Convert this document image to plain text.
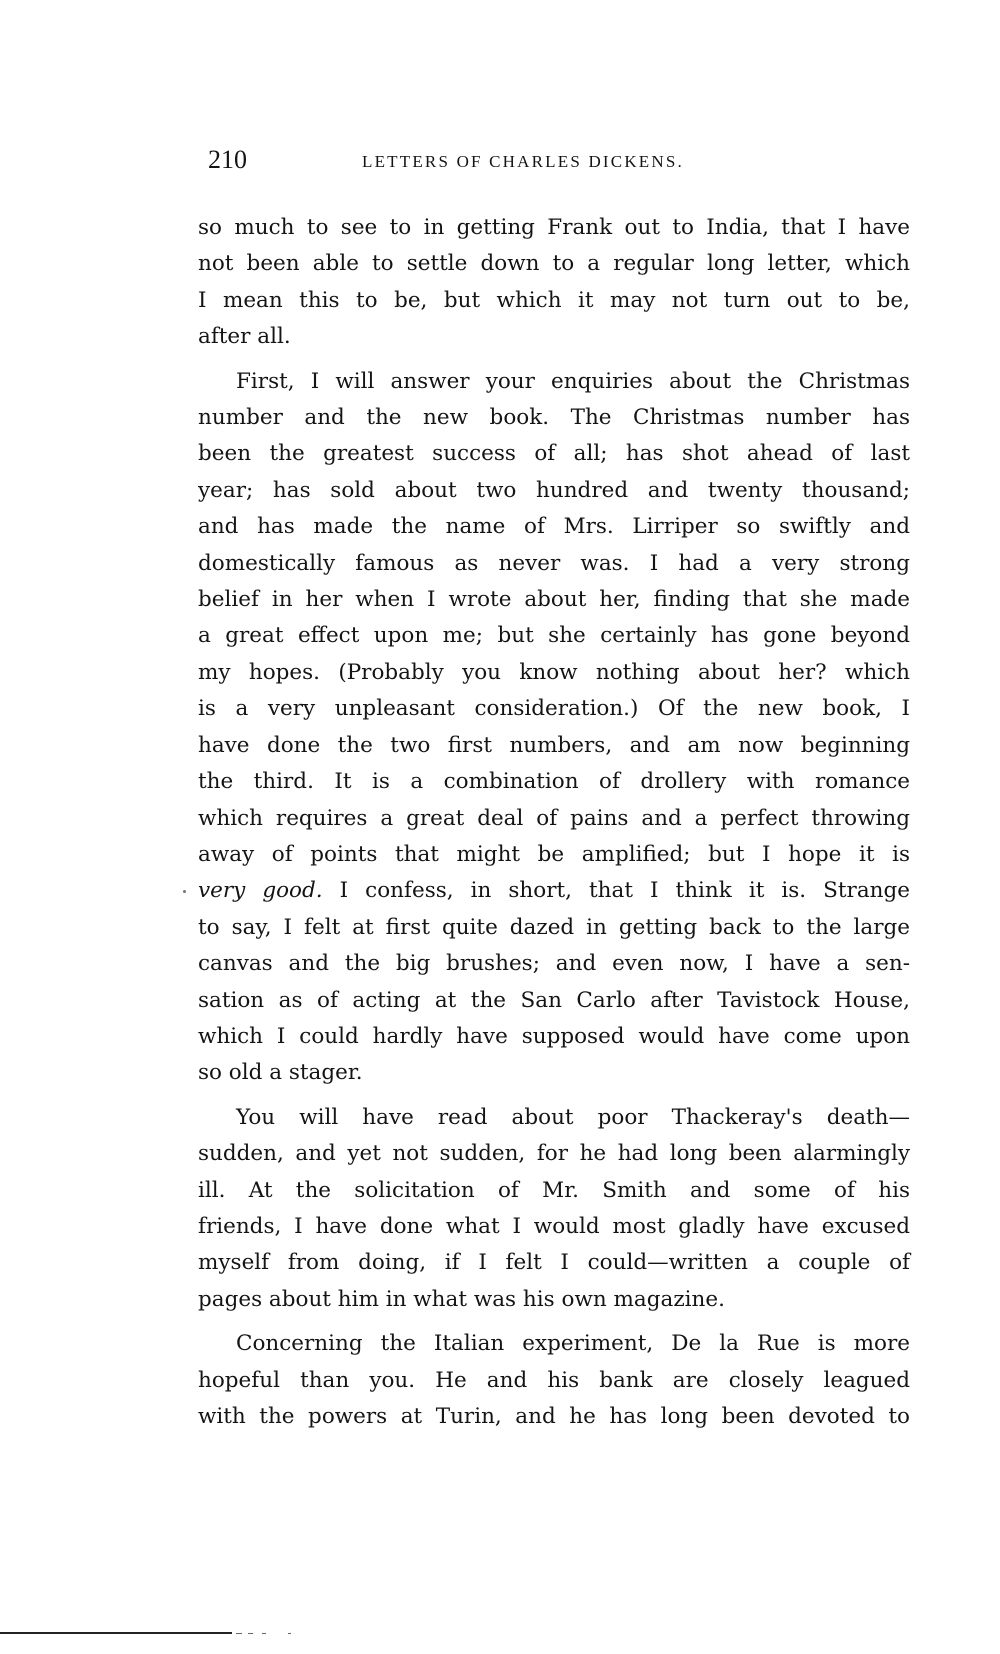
210	LETTERS OF CHARLES DICKENS.

so much to see to in getting Frank out to India, that I have
not been able to settle down to a regular long letter, which
I mean this to be, but which it may not turn out to be,
after all.

First, I will answer your enquiries about the Christmas
number and the new book. The Christmas number has
been the greatest success of all; has shot ahead of last
year; has sold about two hundred and twenty thousand;
and has made the name of Mrs. Lirriper so swiftly and
domestically famous as never was. I had a very strong
belief in her when I wrote about her, finding that she made
a great effect upon me; but she certainly has gone beyond
my hopes. (Probably you know nothing about her? which
is a very unpleasant consideration.) Of the new book, I
have done the two first numbers, and am now beginning
the third. It is a combination of drollery with romance
which requires a great deal of pains and a perfect throwing
away of points that might be amplified; but I hope it is
very good. I confess, in short, that I think it is. Strange
to say, I felt at first quite dazed in getting back to the large
canvas and the big brushes; and even now, I have a sen-
sation as of acting at the San Carlo after Tavistock House,
which I could hardly have supposed would have come upon
so old a stager.

You will have read about poor Thackeray's death—
sudden, and yet not sudden, for he had long been alarmingly
ill. At the solicitation of Mr. Smith and some of his
friends, I have done what I would most gladly have excused
myself from doing, if I felt I could—written a couple of
pages about him in what was his own magazine.

Concerning the Italian experiment, De la Rue is more
hopeful than you. He and his bank are closely leagued
with the powers at Turin, and he has long been devoted to
